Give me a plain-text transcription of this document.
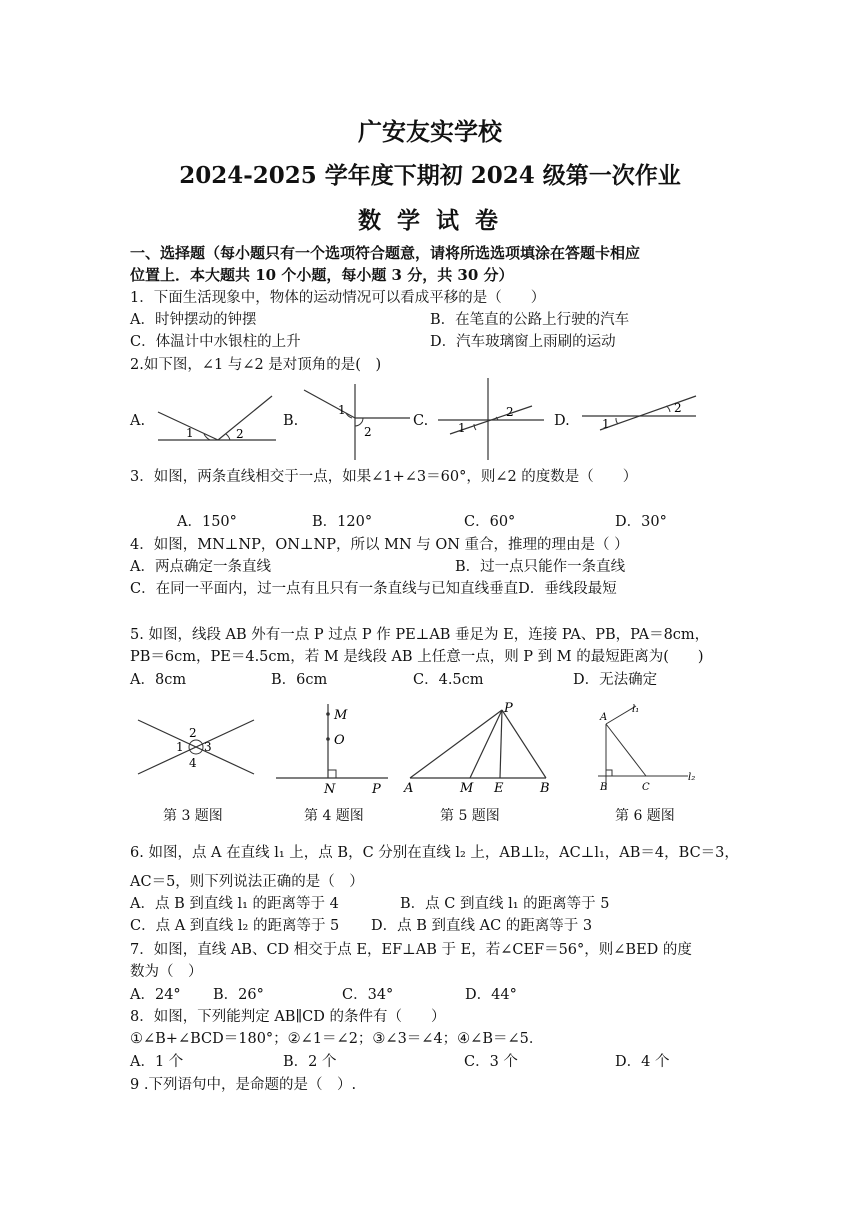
广安友实学校
2024-2025 学年度下期初 2024 级第一次作业
数 学 试 卷
一、选择题（每小题只有一个选项符合题意，请将所选选项填涂在答题卡相应
位置上．本大题共 10 个小题，每小题 3 分，共 30 分）
1．下面生活现象中，物体的运动情况可以看成平移的是（　　）
A．时钟摆动的钟摆	B．在笔直的公路上行驶的汽车
C．体温计中水银柱的上升	D．汽车玻璃窗上雨刷的运动
2.如下图，∠1 与∠2 是对顶角的是(　)
A.	B.	C.	D.
1	2
1
2	1
2
1
2
3．如图，两条直线相交于一点，如果∠1+∠3＝60°，则∠2 的度数是（　　）
A．150°	B．120°	C．60°	D．30°
4．如图，MN⊥NP，ON⊥NP，所以 MN 与 ON 重合，推理的理由是（ ）
A．两点确定一条直线	B．过一点只能作一条直线
C．在同一平面内，过一点有且只有一条直线与已知直线垂直D．垂线段最短
5. 如图，线段 AB 外有一点 P 过点 P 作 PE⊥AB 垂足为 E，连接 PA、PB，PA＝8cm，
PB＝6cm，PE＝4.5cm，若 M 是线段 AB 上任意一点，则 P 到 M 的最短距离为(　　)
A．8cm	B．6cm	C．4.5cm	D．无法确定
2
1 3
4
M
O
N	P
P
A	M E	B
A
B	C
l₁
l₂
第 3 题图	第 4 题图	第 5 题图	第 6 题图
6. 如图，点 A 在直线 l₁ 上，点 B，C 分别在直线 l₂ 上，AB⊥l₂，AC⊥l₁，AB＝4，BC＝3，
AC＝5，则下列说法正确的是（　）
A．点 B 到直线 l₁ 的距离等于 4	B．点 C 到直线 l₁ 的距离等于 5
C．点 A 到直线 l₂ 的距离等于 5 D．点 B 到直线 AC 的距离等于 3
7．如图，直线 AB、CD 相交于点 E，EF⊥AB 于 E，若∠CEF＝56°，则∠BED 的度
数为（　）
A．24° B．26°	C．34°	D．44°
8．如图，下列能判定 AB∥CD 的条件有（　　）
①∠B+∠BCD＝180°；②∠1＝∠2；③∠3＝∠4；④∠B＝∠5．
A．1 个	B．2 个	C．3 个	D．4 个
9 .下列语句中，是命题的是（　）.
